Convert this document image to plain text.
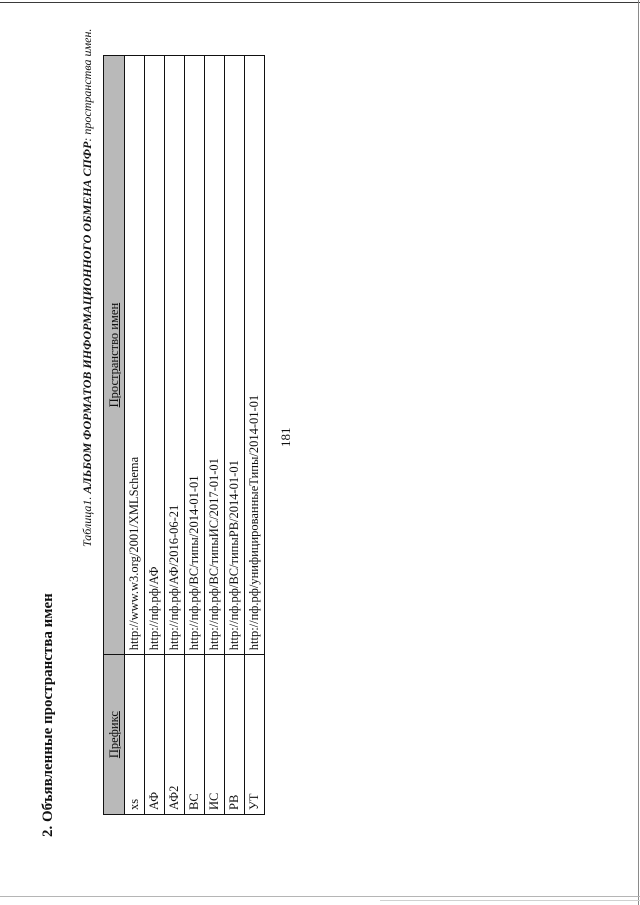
181
2. Объявленные пространства имен
Таблица1. АЛЬБОМ ФОРМАТОВ ИНФОРМАЦИОННОГО ОБМЕНА СПФР: пространства имен.
Префикс	Пространство имен
xs	http://www.w3.org/2001/XMLSchema
АФ	http://пф.рф/АФ
АФ2	http://пф.рф/АФ/2016-06-21
ВС	http://пф.рф/ВС/типы/2014-01-01
ИС	http://пф.рф/ВС/типыИС/2017-01-01
РВ	http://пф.рф/ВС/типыРВ/2014-01-01
УТ	http://пф.рф/унифицированныеТипы/2014-01-01
